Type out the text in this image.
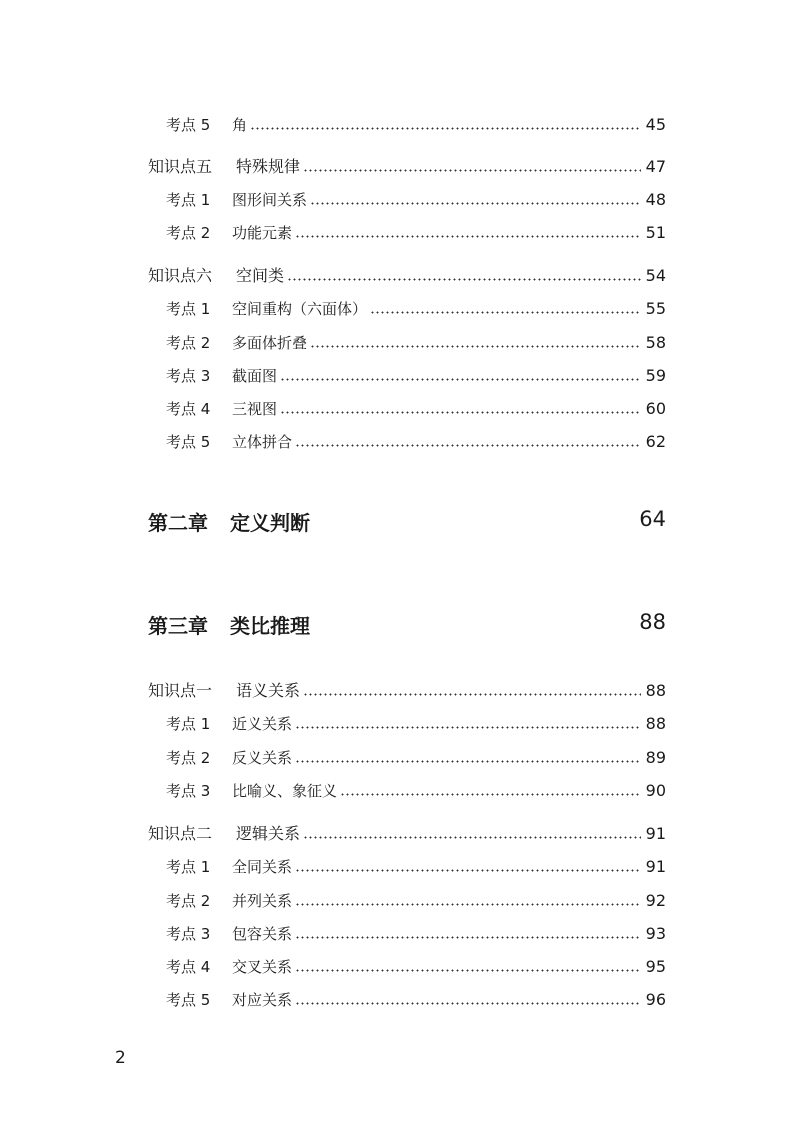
考点 5	角	45
知识点五	特殊规律	47
考点 1	图形间关系	48
考点 2	功能元素	51
知识点六	空间类	54
考点 1	空间重构（六面体）	55
考点 2	多面体折叠	58
考点 3	截面图	59
考点 4	三视图	60
考点 5	立体拼合	62
第二章	定义判断	64
第三章	类比推理	88
知识点一	语义关系	88
考点 1	近义关系	88
考点 2	反义关系	89
考点 3	比喻义、象征义	90
知识点二	逻辑关系	91
考点 1	全同关系	91
考点 2	并列关系	92
考点 3	包容关系	93
考点 4	交叉关系	95
考点 5	对应关系	96
2
